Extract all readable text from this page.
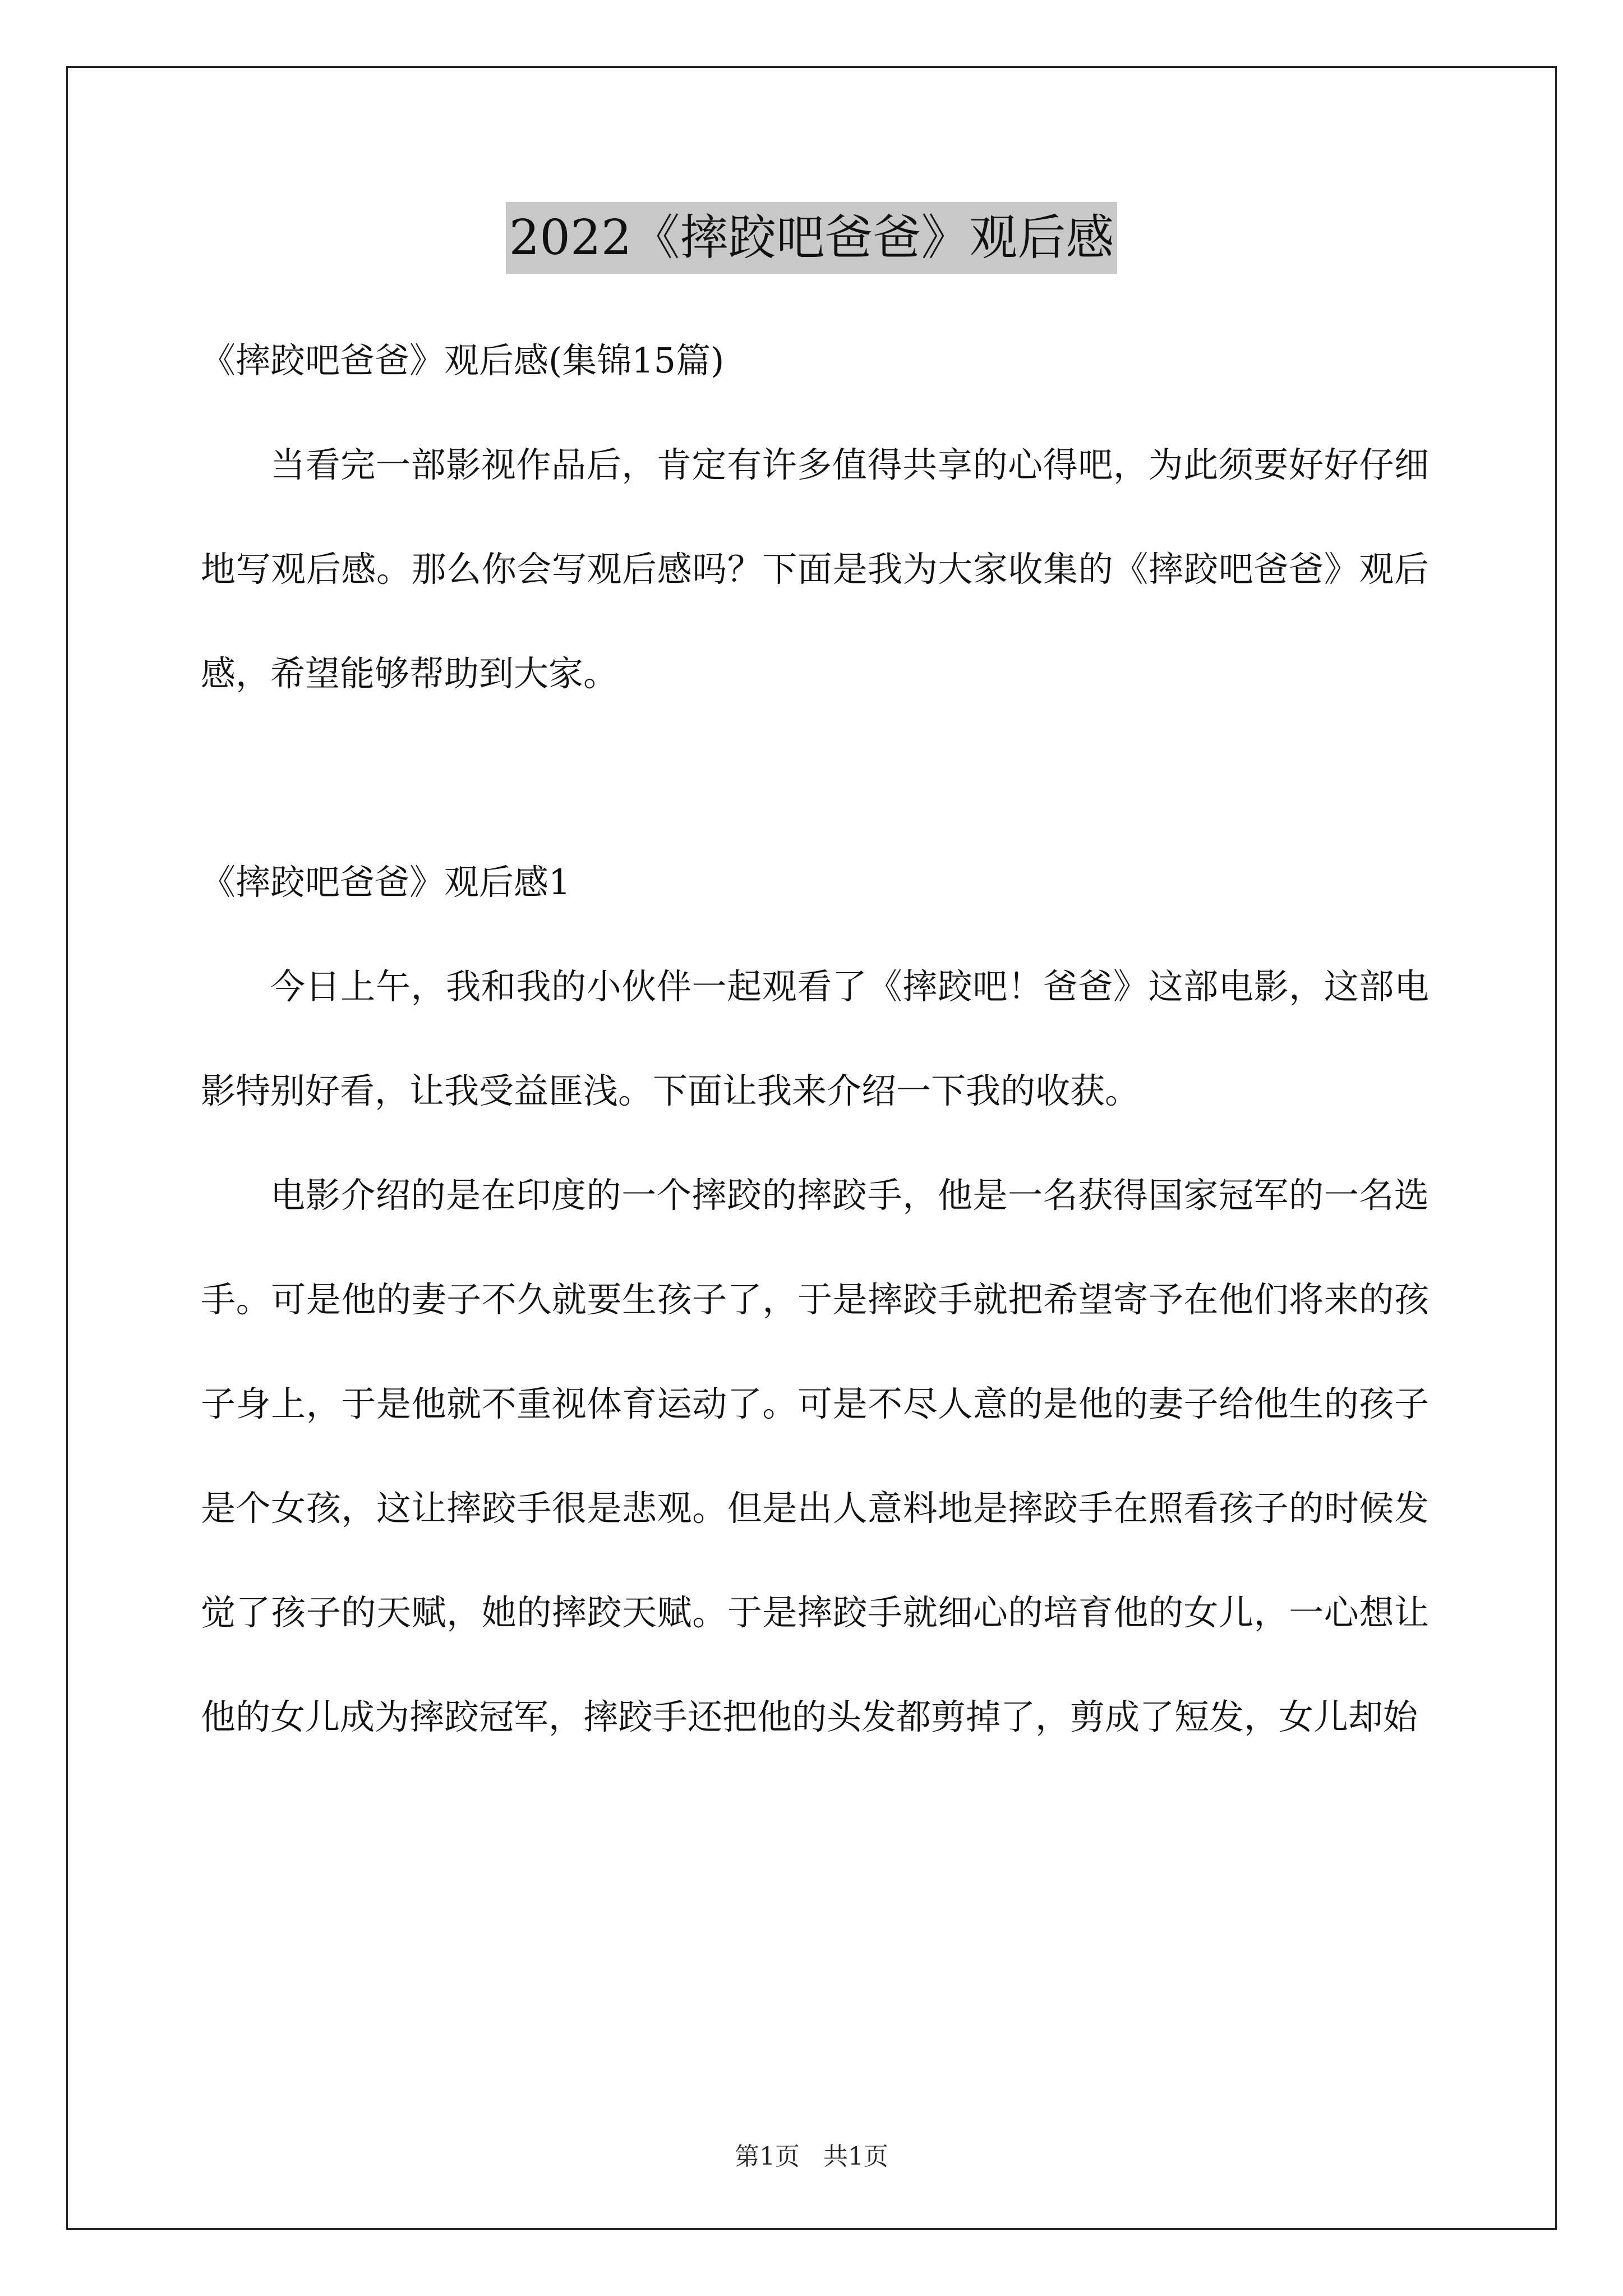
2022《摔跤吧爸爸》观后感

《摔跤吧爸爸》观后感(集锦15篇)

当看完一部影视作品后，肯定有许多值得共享的心得吧，为此须要好好仔细地写观后感。那么你会写观后感吗？下面是我为大家收集的《摔跤吧爸爸》观后感，希望能够帮助到大家。

《摔跤吧爸爸》观后感1

今日上午，我和我的小伙伴一起观看了《摔跤吧！爸爸》这部电影，这部电影特别好看，让我受益匪浅。下面让我来介绍一下我的收获。

电影介绍的是在印度的一个摔跤的摔跤手，他是一名获得国家冠军的一名选手。可是他的妻子不久就要生孩子了，于是摔跤手就把希望寄予在他们将来的孩子身上，于是他就不重视体育运动了。可是不尽人意的是他的妻子给他生的孩子是个女孩，这让摔跤手很是悲观。但是出人意料地是摔跤手在照看孩子的时候发觉了孩子的天赋，她的摔跤天赋。于是摔跤手就细心的培育他的女儿，一心想让他的女儿成为摔跤冠军，摔跤手还把他的头发都剪掉了，剪成了短发，女儿却始

第1页   共1页
